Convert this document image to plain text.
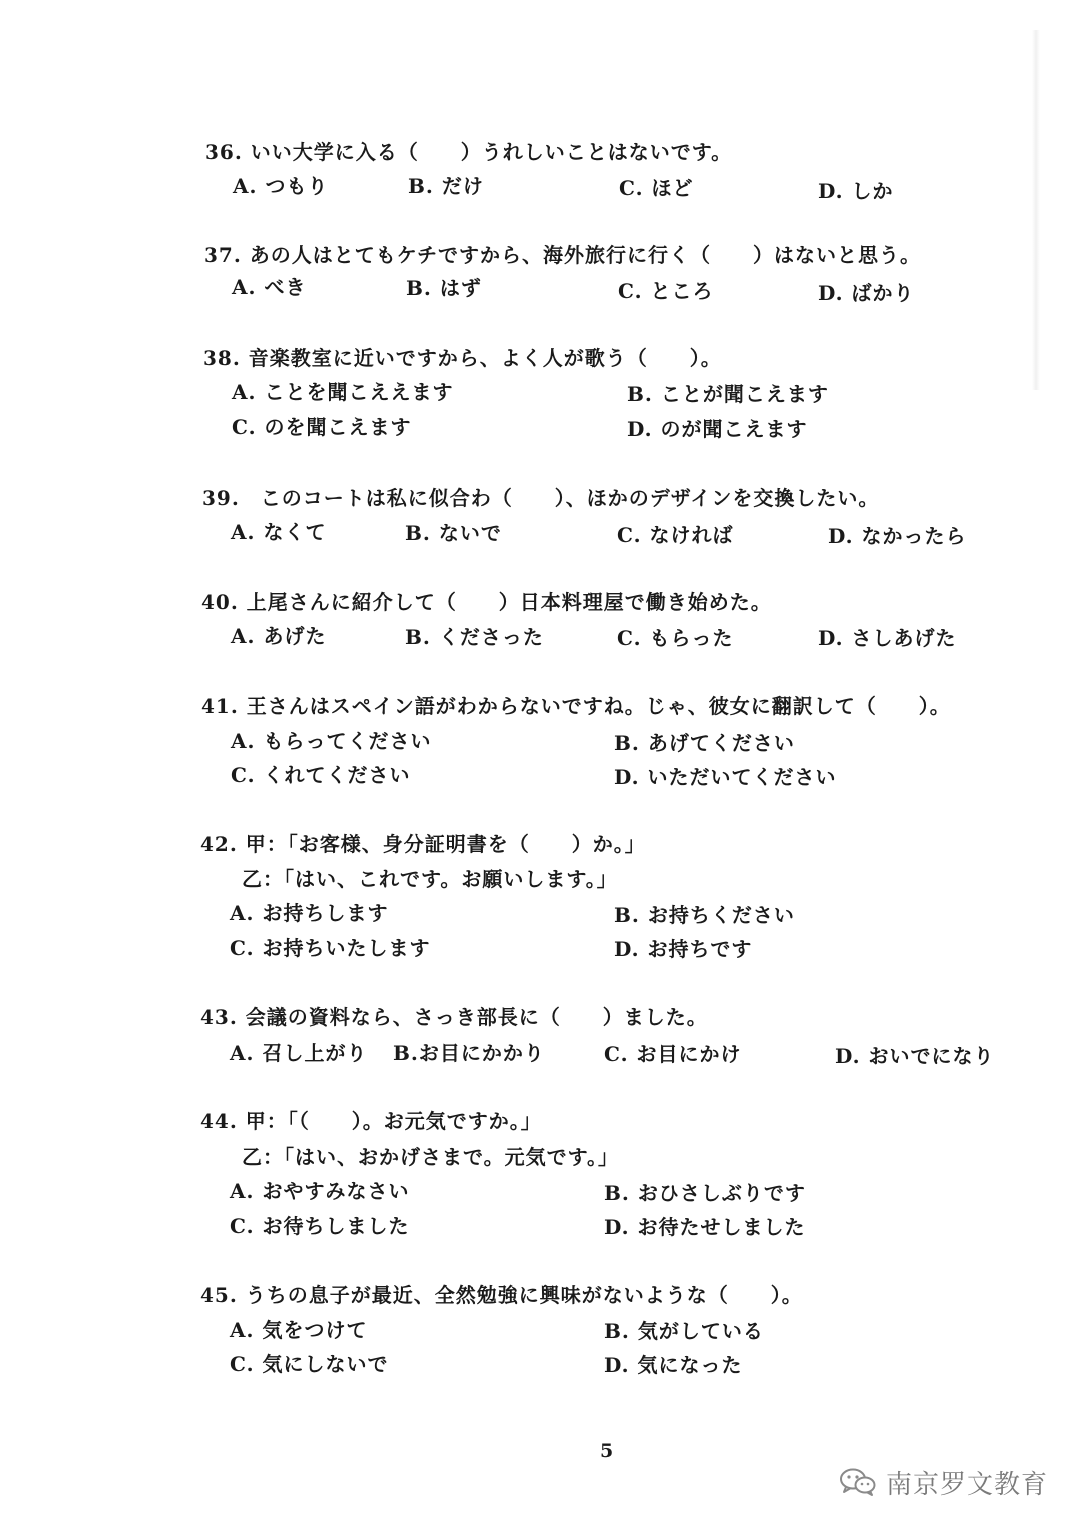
36. いい大学に入る（　　）うれしいことはないです。
A. つもり	B. だけ	C. ほど	D. しか
37. あの人はとてもケチですから、海外旅行に行く（　　）はないと思う。
A. べき	B. はず	C. ところ	D. ばかり
38. 音楽教室に近いですから、よく人が歌う（　　）。
A. ことを聞こええます	B. ことが聞こえます
C. のを聞こえます	D. のが聞こえます
39.　このコートは私に似合わ（　　）、ほかのデザインを交換したい。
A. なくて	B. ないで	C. なければ	D. なかったら
40. 上尾さんに紹介して（　　）日本料理屋で働き始めた。
A. あげた	B. くださった	C. もらった	D. さしあげた
41. 王さんはスペイン語がわからないですね。じゃ、彼女に翻訳して（　　）。
A. もらってください	B. あげてください
C. くれてください	D. いただいてください
42. 甲：「お客様、身分証明書を（　　）か。」
乙：「はい、これです。お願いします。」
A. お持ちします	B. お持ちください
C. お持ちいたします	D. お持ちです
43. 会議の資料なら、さっき部長に（　　）ました。
A. 召し上がり B.お目にかかり	C. お目にかけ	D. おいでになり
44. 甲：「（　　）。お元気ですか。」
乙：「はい、おかげさまで。元気です。」
A. おやすみなさい	B. おひさしぶりです
C. お待ちしました	D. お待たせしました
45. うちの息子が最近、全然勉強に興味がないような（　　）。
A. 気をつけて	B. 気がしている
C. 気にしないで	D. 気になった
5
南京罗文教育
